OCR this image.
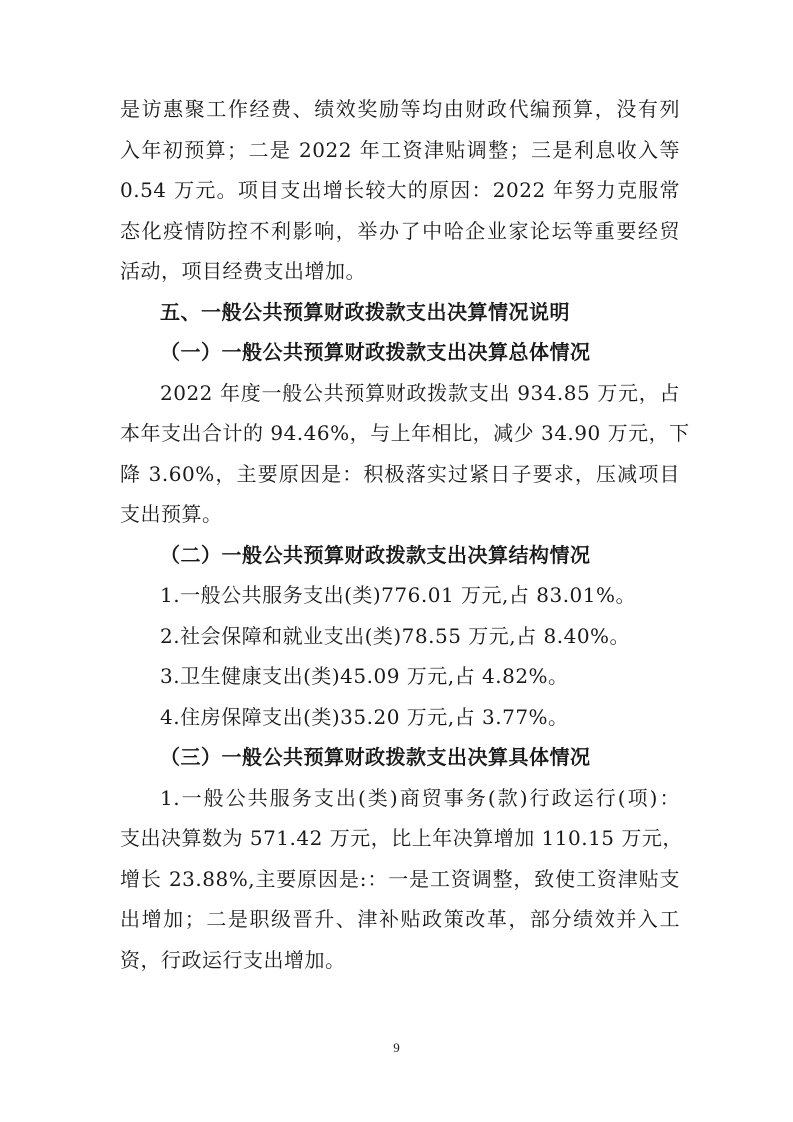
是访惠聚工作经费、绩效奖励等均由财政代编预算，没有列
入年初预算；二是 2022 年工资津贴调整；三是利息收入等
0.54 万元。项目支出增长较大的原因：2022 年努力克服常
态化疫情防控不利影响，举办了中哈企业家论坛等重要经贸
活动，项目经费支出增加。
五、一般公共预算财政拨款支出决算情况说明
（一）一般公共预算财政拨款支出决算总体情况
2022 年度一般公共预算财政拨款支出 934.85 万元，占
本年支出合计的 94.46%，与上年相比，减少 34.90 万元，下
降 3.60%，主要原因是：积极落实过紧日子要求，压减项目
支出预算。
（二）一般公共预算财政拨款支出决算结构情况
1.一般公共服务支出(类)776.01 万元,占 83.01%。
2.社会保障和就业支出(类)78.55 万元,占 8.40%。
3.卫生健康支出(类)45.09 万元,占 4.82%。
4.住房保障支出(类)35.20 万元,占 3.77%。
（三）一般公共预算财政拨款支出决算具体情况
1.一般公共服务支出(类)商贸事务(款)行政运行(项)：
支出决算数为 571.42 万元，比上年决算增加 110.15 万元，
9
增长 23.88%,主要原因是:：一是工资调整，致使工资津贴支
出增加；二是职级晋升、津补贴政策改革，部分绩效并入工
资，行政运行支出增加。
